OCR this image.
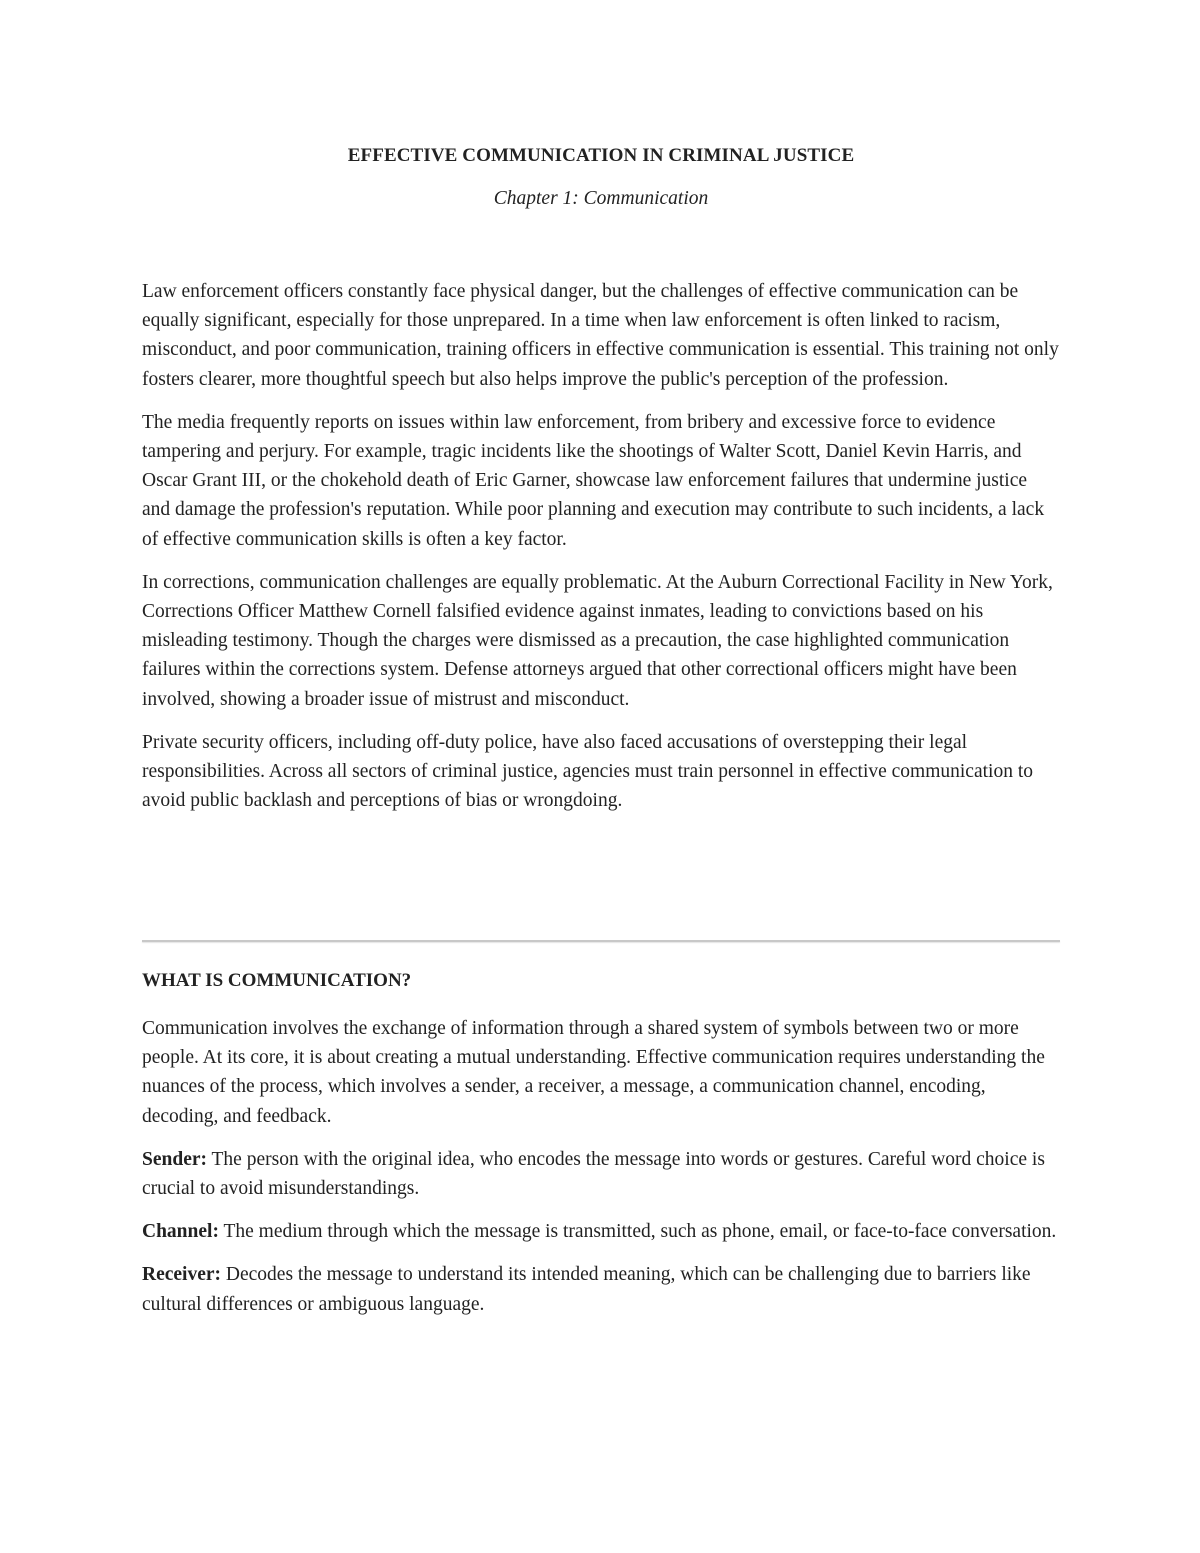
EFFECTIVE COMMUNICATION IN CRIMINAL JUSTICE
Chapter 1: Communication

Law enforcement officers constantly face physical danger, but the challenges of effective communication can be equally significant, especially for those unprepared. In a time when law enforcement is often linked to racism, misconduct, and poor communication, training officers in effective communication is essential. This training not only fosters clearer, more thoughtful speech but also helps improve the public's perception of the profession.

The media frequently reports on issues within law enforcement, from bribery and excessive force to evidence tampering and perjury. For example, tragic incidents like the shootings of Walter Scott, Daniel Kevin Harris, and Oscar Grant III, or the chokehold death of Eric Garner, showcase law enforcement failures that undermine justice and damage the profession's reputation. While poor planning and execution may contribute to such incidents, a lack of effective communication skills is often a key factor.

In corrections, communication challenges are equally problematic. At the Auburn Correctional Facility in New York, Corrections Officer Matthew Cornell falsified evidence against inmates, leading to convictions based on his misleading testimony. Though the charges were dismissed as a precaution, the case highlighted communication failures within the corrections system. Defense attorneys argued that other correctional officers might have been involved, showing a broader issue of mistrust and misconduct.

Private security officers, including off-duty police, have also faced accusations of overstepping their legal responsibilities. Across all sectors of criminal justice, agencies must train personnel in effective communication to avoid public backlash and perceptions of bias or wrongdoing.

WHAT IS COMMUNICATION?

Communication involves the exchange of information through a shared system of symbols between two or more people. At its core, it is about creating a mutual understanding. Effective communication requires understanding the nuances of the process, which involves a sender, a receiver, a message, a communication channel, encoding, decoding, and feedback.

Sender: The person with the original idea, who encodes the message into words or gestures. Careful word choice is crucial to avoid misunderstandings.

Channel: The medium through which the message is transmitted, such as phone, email, or face-to-face conversation.

Receiver: Decodes the message to understand its intended meaning, which can be challenging due to barriers like cultural differences or ambiguous language.
